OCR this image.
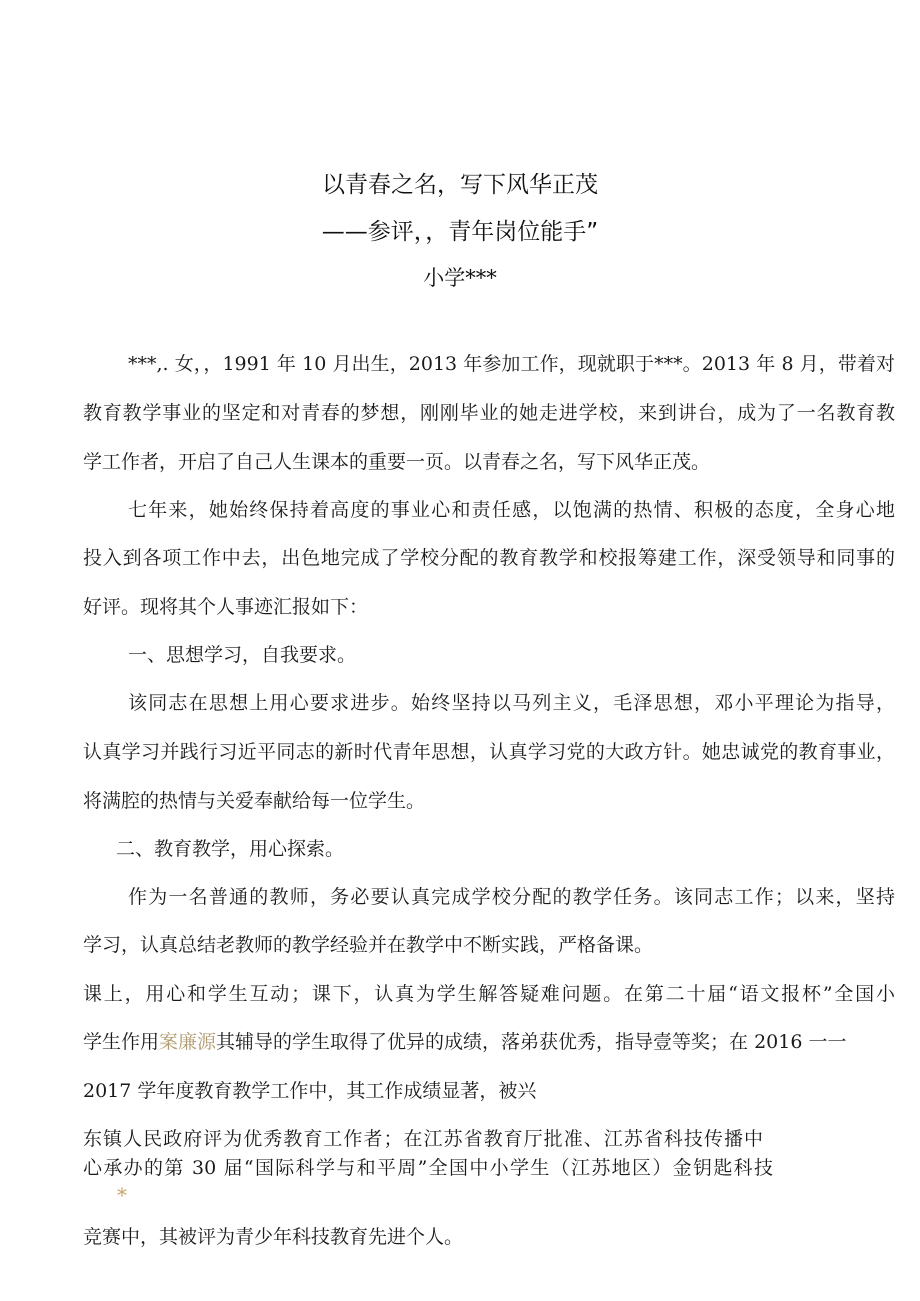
以青春之名，写下风华正茂
——参评，，青年岗位能手”
小学***
***,. 女，，1991 年 10 月出生，2013 年参加工作，现就职于***。2013 年 8 月，带着对
教育教学事业的坚定和对青春的梦想，刚刚毕业的她走进学校，来到讲台，成为了一名教育教
学工作者，开启了自己人生课本的重要一页。以青春之名，写下风华正茂。
七年来，她始终保持着高度的事业心和责任感，以饱满的热情、积极的态度，全身心地
投入到各项工作中去，出色地完成了学校分配的教育教学和校报筹建工作，深受领导和同事的
好评。现将其个人事迹汇报如下：
一、思想学习，自我要求。
该同志在思想上用心要求进步。始终坚持以马列主义，毛泽思想，邓小平理论为指导，
认真学习并践行习近平同志的新时代青年思想，认真学习党的大政方针。她忠诚党的教育事业，
将满腔的热情与关爱奉献给每一位学生。
二、教育教学，用心探索。
作为一名普通的教师，务必要认真完成学校分配的教学任务。该同志工作；以来，坚持
学习，认真总结老教师的教学经验并在教学中不断实践，严格备课。
课上，用心和学生互动；课下，认真为学生解答疑难问题。在第二十届“语文报杯”全国小
学生作用案廉源其辅导的学生取得了优异的成绩，落弟获优秀，指导壹等奖；在 2016 一一
2017 学年度教育教学工作中，其工作成绩显著，被兴
东镇人民政府评为优秀教育工作者；在江苏省教育厅批准、江苏省科技传播中
心承办的第 30 届“国际科学与和平周”全国中小学生（江苏地区）金钥匙科技
*
竞赛中，其被评为青少年科技教育先进个人。
